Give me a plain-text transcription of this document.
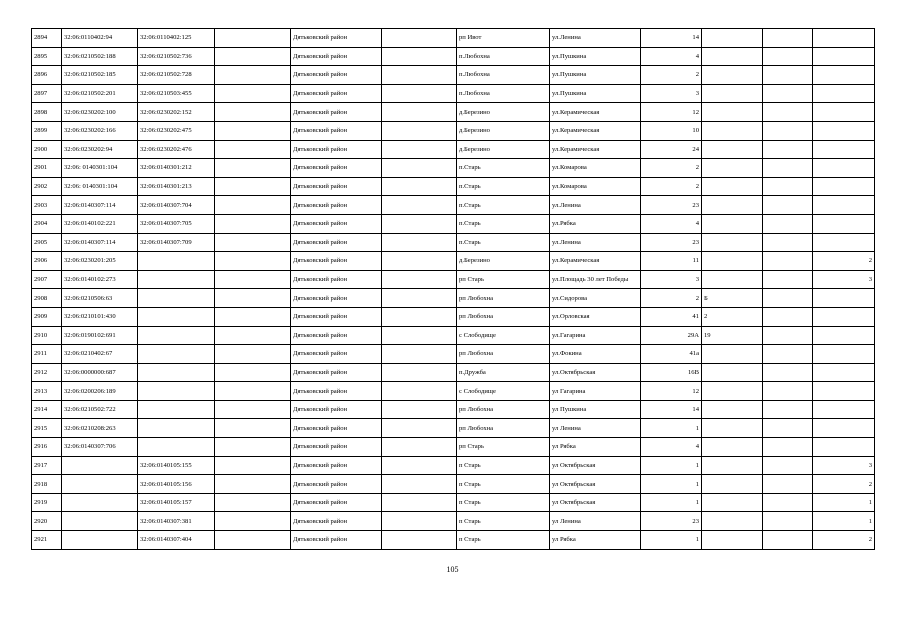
2894	32:06:0110402:94	32:06:0110402:125		Дятьковский район		рп Ивот	ул.Ленина	14			
2895	32:06:0210502:188	32:06:0210502:736		Дятьковский район		п.Любохна	ул.Пушкина	4			
2896	32:06:0210502:185	32:06:0210502:728		Дятьковский район		п.Любохна	ул.Пушкина	2			
2897	32:06:0210502:201	32:06:0210503:455		Дятьковский район		п.Любохна	ул.Пушкина	3			
2898	32:06:0230202:100	32:06:0230202:152		Дятьковский район		д.Березино	ул.Керамическая	12			
2899	32:06:0230202:166	32:06:0230202:475		Дятьковский район		д.Березино	ул.Керамическая	10			
2900	32:06:0230202:94	32:06:0230202:476		Дятьковский район		д.Березино	ул.Керамическая	24			
2901	32:06: 0140301:104	32:06:0140301:212		Дятьковский район		п.Старь	ул.Комарова	2			
2902	32:06: 0140301:104	32:06:0140301:213		Дятьковский район		п.Старь	ул.Комарова	2			
2903	32:06:0140307:114	32:06:0140307:704		Дятьковский район		п.Старь	ул.Ленина	23			
2904	32:06:0140102:221	32:06:0140307:705		Дятьковский район		п.Старь	ул.Рябка	4			
2905	32:06:0140307:114	32:06:0140307:709		Дятьковский район		п.Старь	ул.Ленина	23			
2906	32:06:0230201:205			Дятьковский район		д.Березино	ул.Керамическая	11			2
2907	32:06:0140102:273			Дятьковский район		рп Старь	ул.Площадь 30 лет Победы	3			3
2908	32:06:0210506:63			Дятьковский район		рп Любохна	ул.Сидорова	2	Б		
2909	32:06:0210101:430			Дятьковский район		рп Любохна	ул.Орловская	41	2		
2910	32:06:0190102:691			Дятьковский район		с Слободище	ул.Гагарина	29А	19		
2911	32:06:0210402:67			Дятьковский район		рп Любохна	ул.Фокина	41а			
2912	32:06:0000000:687			Дятьковский район		п.Дружба	ул.Октябрьская	16В			
2913	32:06:0200206:189			Дятьковский район		с Слободище	ул Гагарина	12			
2914	32:06:0210502:722			Дятьковский район		рп Любохна	ул Пушкина	14			
2915	32:06:0210208:263			Дятьковский район		рп Любохна	ул Ленина	1			
2916	32:06:0140307:706			Дятьковский район		рп Старь	ул Рябка	4			
2917		32:06:0140105:155		Дятьковский район		п Старь	ул Октябрьская	1			3
2918		32:06:0140105:156		Дятьковский район		п Старь	ул Октябрьская	1			2
2919		32:06:0140105:157		Дятьковский район		п Старь	ул Октябрьская	1			1
2920		32:06:0140307:381		Дятьковский район		п Старь	ул Ленина	23			1
2921		32:06:0140307:404		Дятьковский район		п Старь	ул Рябка	1			2
105
